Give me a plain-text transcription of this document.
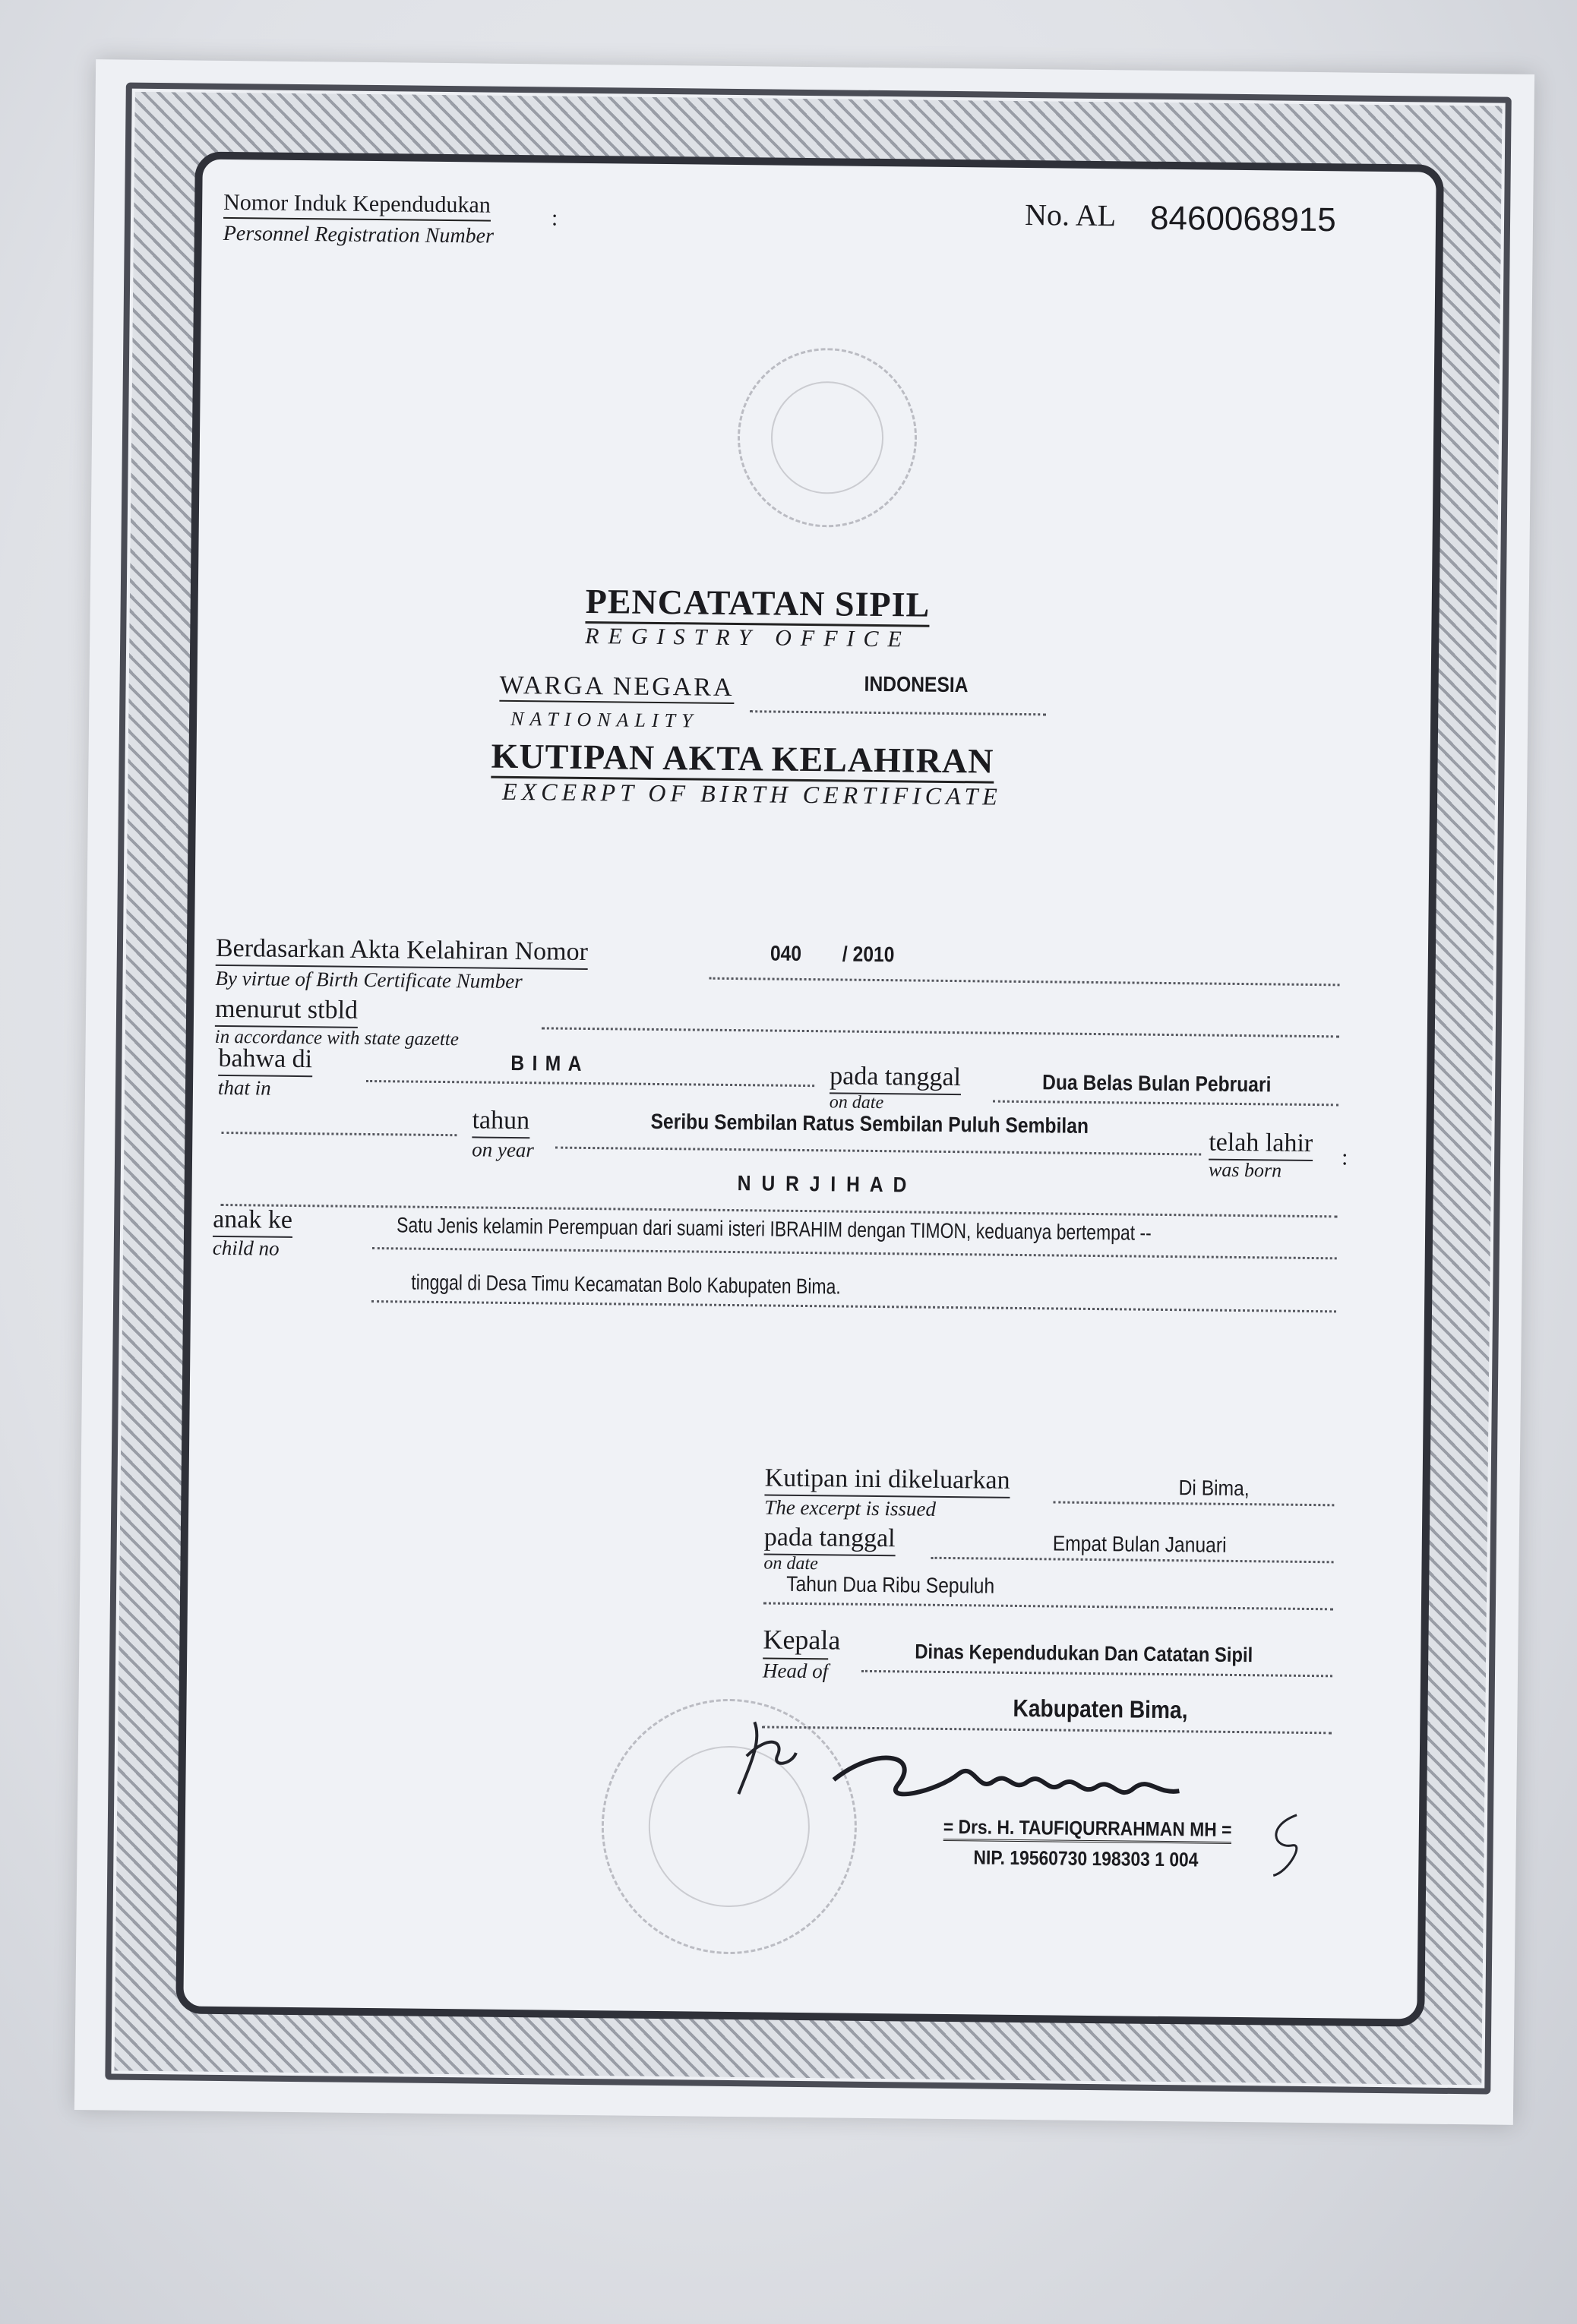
Nomor Induk Kependudukan
Personnel Registration Number
:	No. AL 8460068915
PENCATATAN SIPIL
REGISTRY OFFICE
WARGA NEGARA
NATIONALITY
INDONESIA
KUTIPAN AKTA KELAHIRAN
EXCERPT OF BIRTH CERTIFICATE
Berdasarkan Akta Kelahiran Nomor
By virtue of Birth Certificate Number
040 / 2010
menurut stbld
in accordance with state gazette
bahwa di
that in
B I M A	pada tanggal
on date
Dua Belas Bulan Pebruari
tahun
on year
Seribu Sembilan Ratus Sembilan Puluh Sembilan
telah lahir
was born
:
N U R J I H A D
anak ke
child no
Satu Jenis kelamin Perempuan dari suami isteri IBRAHIM dengan TIMON, keduanya bertempat --
tinggal di Desa Timu Kecamatan Bolo Kabupaten Bima.
Kutipan ini dikeluarkan
The excerpt is issued
Di Bima,
pada tanggal
on date
Empat Bulan Januari
Tahun Dua Ribu Sepuluh
Kepala
Head of
Dinas Kependudukan Dan Catatan Sipil
Kabupaten Bima,
= Drs. H. TAUFIQURRAHMAN MH =
NIP. 19560730 198303 1 004
